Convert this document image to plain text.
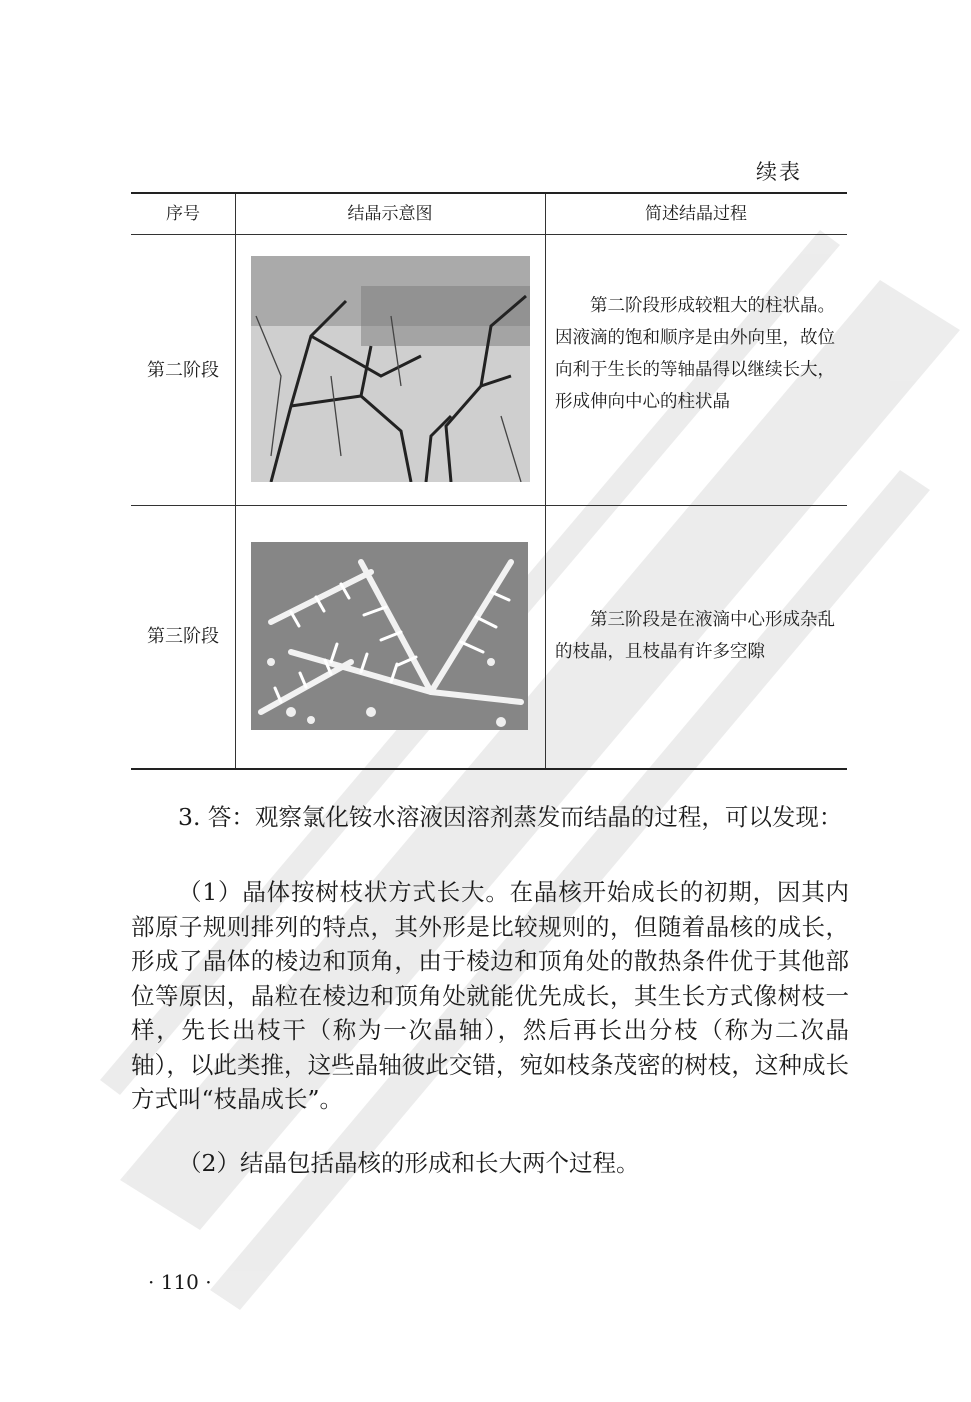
续表
序号	结晶示意图	简述结晶过程
第二阶段
第二阶段形成较粗大的柱状晶。因液滴的饱和顺序是由外向里，故位向利于生长的等轴晶得以继续长大，形成伸向中心的柱状晶
第三阶段
第三阶段是在液滴中心形成杂乱的枝晶，且枝晶有许多空隙
3. 答：观察氯化铵水溶液因溶剂蒸发而结晶的过程，可以发现：
（1）晶体按树枝状方式长大。在晶核开始成长的初期，因其内部原子规则排列的特点，其外形是比较规则的，但随着晶核的成长，形成了晶体的棱边和顶角，由于棱边和顶角处的散热条件优于其他部位等原因，晶粒在棱边和顶角处就能优先成长，其生长方式像树枝一样，先长出枝干（称为一次晶轴），然后再长出分枝（称为二次晶轴），以此类推，这些晶轴彼此交错，宛如枝条茂密的树枝，这种成长方式叫“枝晶成长”。
（2）结晶包括晶核的形成和长大两个过程。
· 110 ·
